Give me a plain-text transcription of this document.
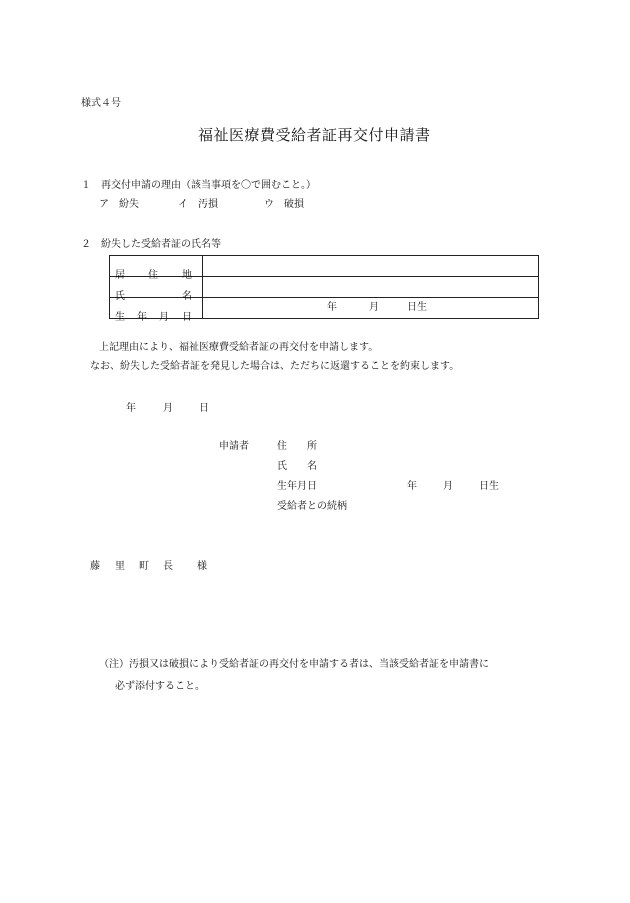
様式４号
福祉医療費受給者証再交付申請書
１　再交付申請の理由（該当事項を〇で囲むこと。）
ア　紛失	イ　汚損	ウ　破損
２　紛失した受給者証の氏名等
居 住 地	

氏 名	

生 年 月 日	年 月 日生
上記理由により、福祉医療費受給者証の再交付を申請します。
なお、紛失した受給者証を発見した場合は、ただちに返還することを約束します。
年	月	日
申請者	住　　所
氏　　名
生年月日	年	月	日生
受給者との続柄
藤 里 町 長 様
（注）汚損又は破損により受給者証の再交付を申請する者は、当該受給者証を申請書に
必ず添付すること。
